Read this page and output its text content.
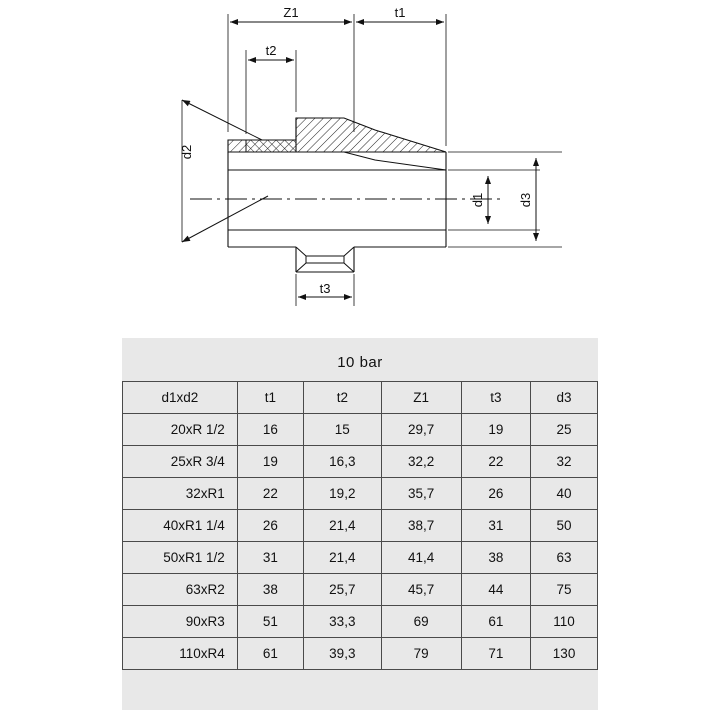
Z1	t1
t2
t3
d1	d3
d2
10 bar
d1xd2	t1	t2	Z1	t3	d3
20xR 1/2	16	15	29,7	19	25
25xR 3/4	19	16,3	32,2	22	32
32xR1	22	19,2	35,7	26	40
40xR1 1/4	26	21,4	38,7	31	50
50xR1 1/2	31	21,4	41,4	38	63
63xR2	38	25,7	45,7	44	75
90xR3	51	33,3	69	61	110
110xR4	61	39,3	79	71	130
